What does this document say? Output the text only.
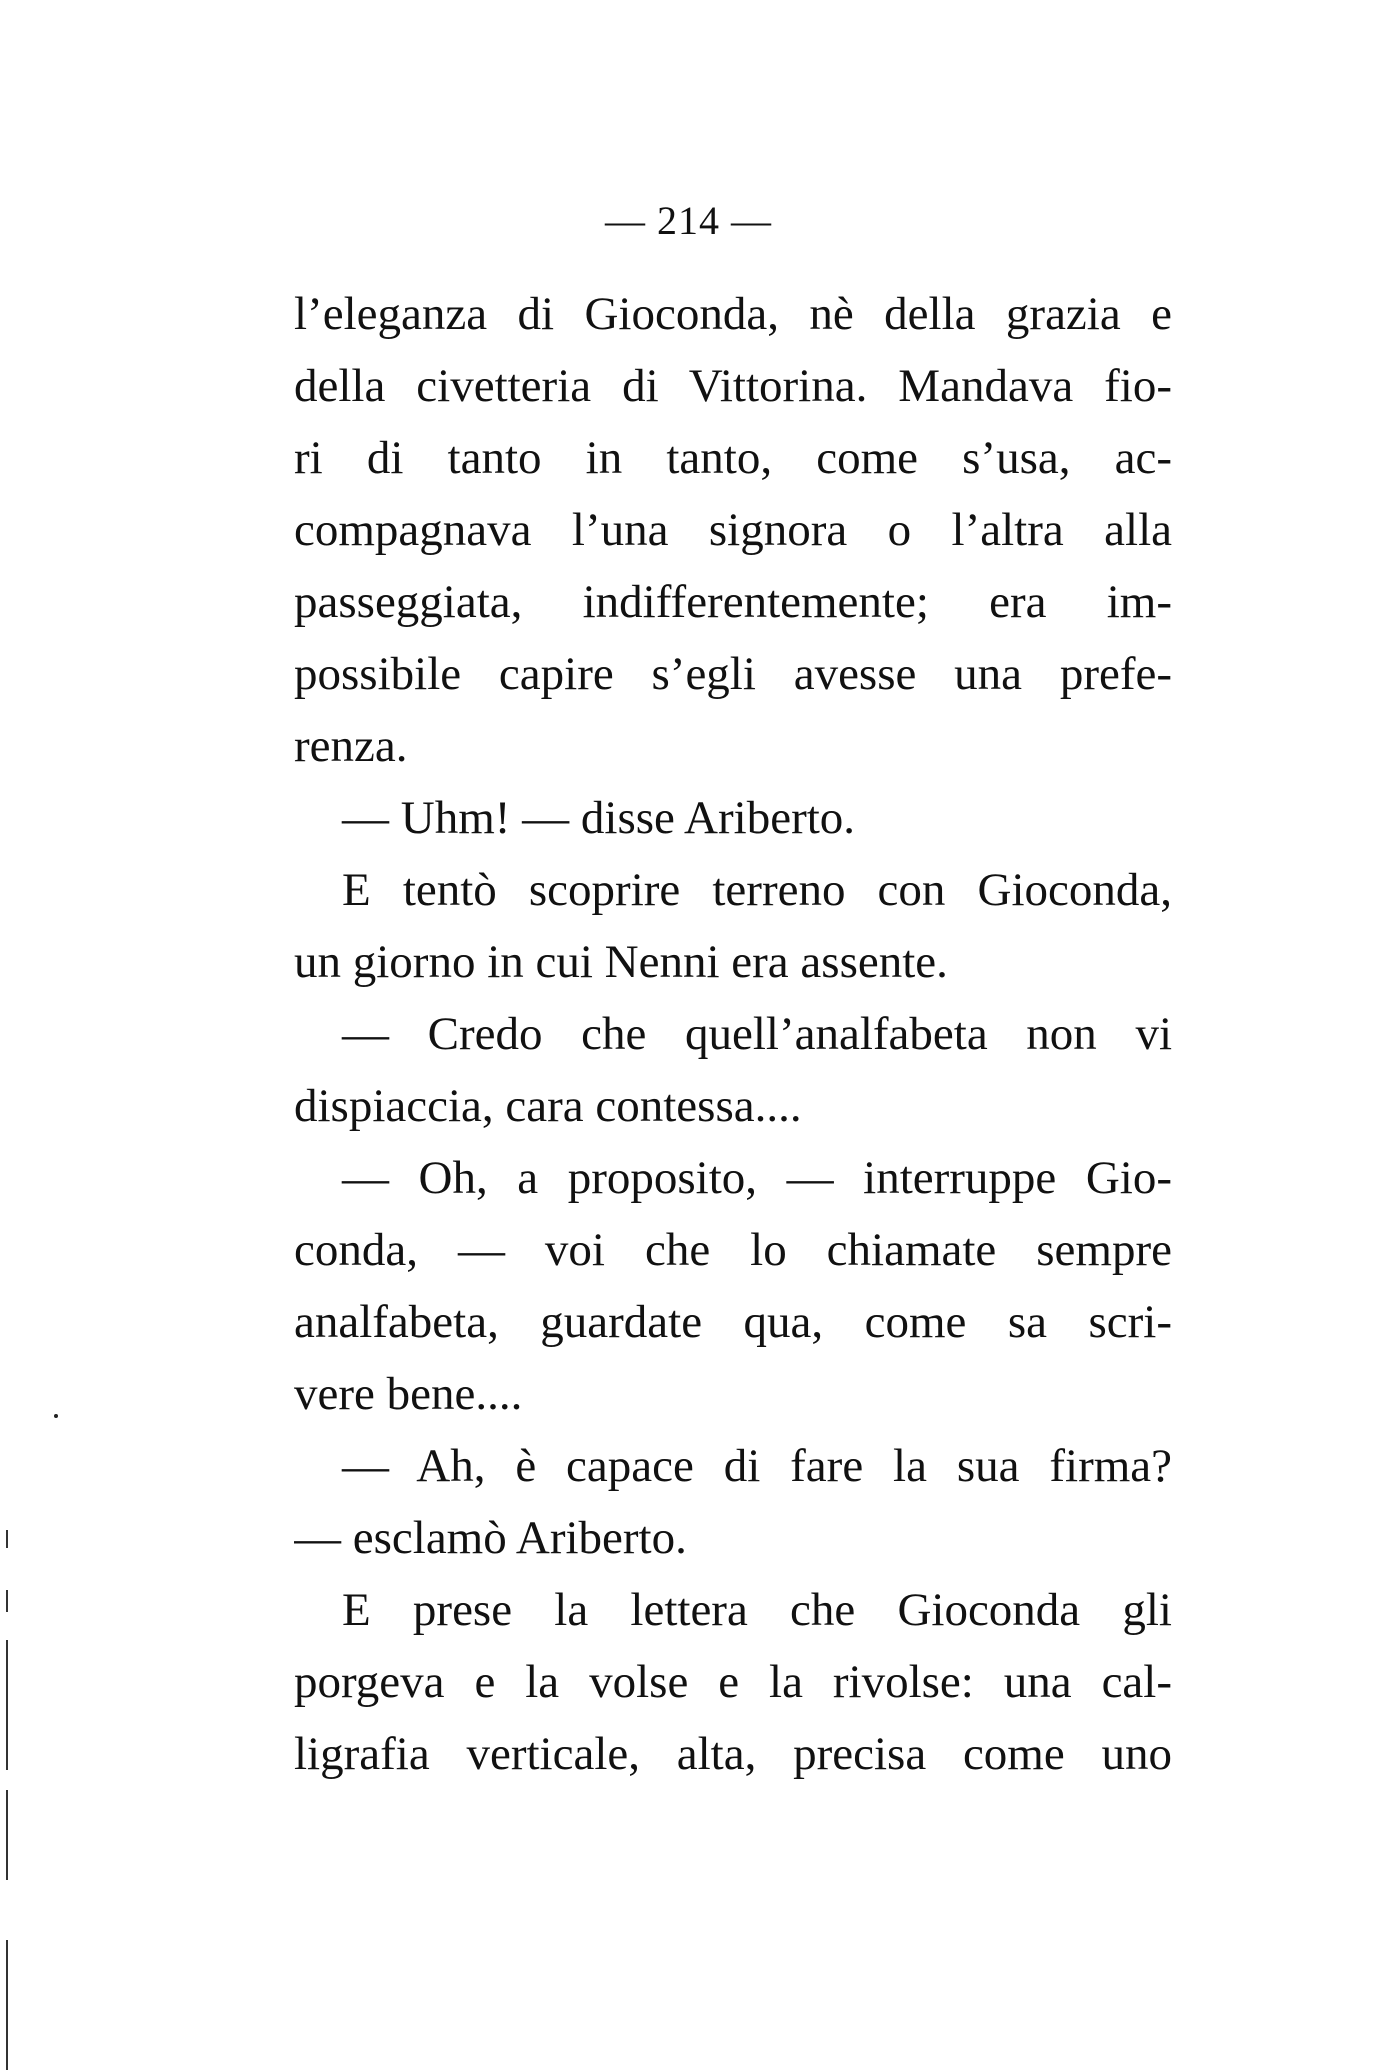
— 214 —
l’eleganza di Gioconda, nè della grazia e
della civetteria di Vittorina. Mandava fio-
ri di tanto in tanto, come s’usa, ac-
compagnava l’una signora o l’altra alla
passeggiata, indifferentemente; era im-
possibile capire s’egli avesse una prefe-
renza.
— Uhm! — disse Ariberto.
E tentò scoprire terreno con Gioconda,
un giorno in cui Nenni era assente.
— Credo che quell’analfabeta non vi
dispiaccia, cara contessa....
— Oh, a proposito, — interruppe Gio-
conda, — voi che lo chiamate sempre
analfabeta, guardate qua, come sa scri-
vere bene....
— Ah, è capace di fare la sua firma?
— esclamò Ariberto.
E prese la lettera che Gioconda gli
porgeva e la volse e la rivolse: una cal-
ligrafia verticale, alta, precisa come uno
